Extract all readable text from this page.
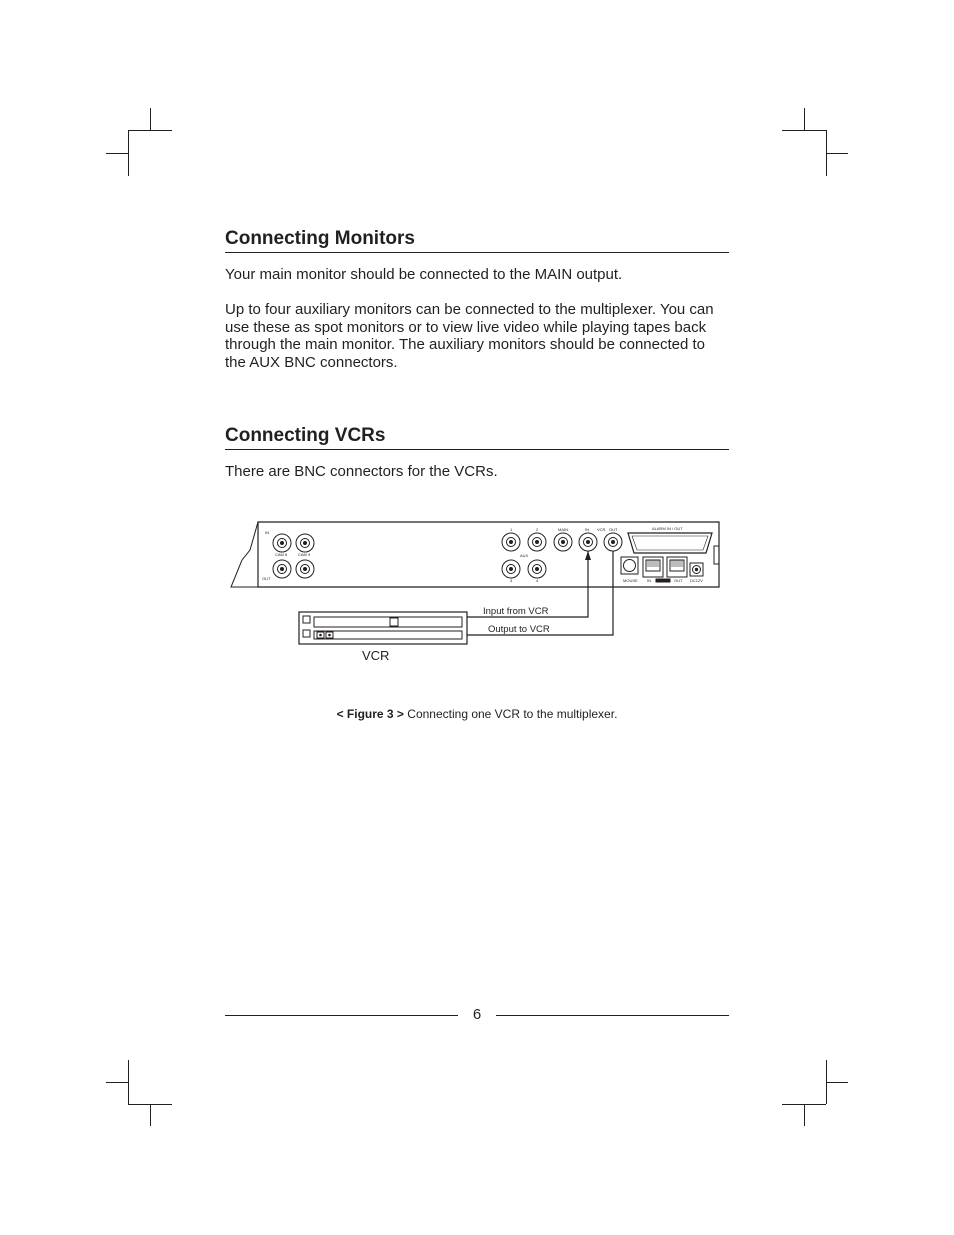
Connecting Monitors

Your main monitor should be connected to the MAIN output.

Up to four auxiliary monitors can be connected to the multiplexer. You can use these as spot monitors or to view live video while playing tapes back through the main monitor. The auxiliary monitors should be connected to the AUX BNC connectors.

Connecting VCRs

There are BNC connectors for the VCRs.

IN
CAM 8	CAM 9
OUT
1	2
AUX
3	4
MAIN	IN VCR OUT	ALARM IN / OUT
MOUSE IN	OUT DC12V
Input from VCR
Output to VCR
VCR
< Figure 3 > Connecting one VCR to the multiplexer.
6
